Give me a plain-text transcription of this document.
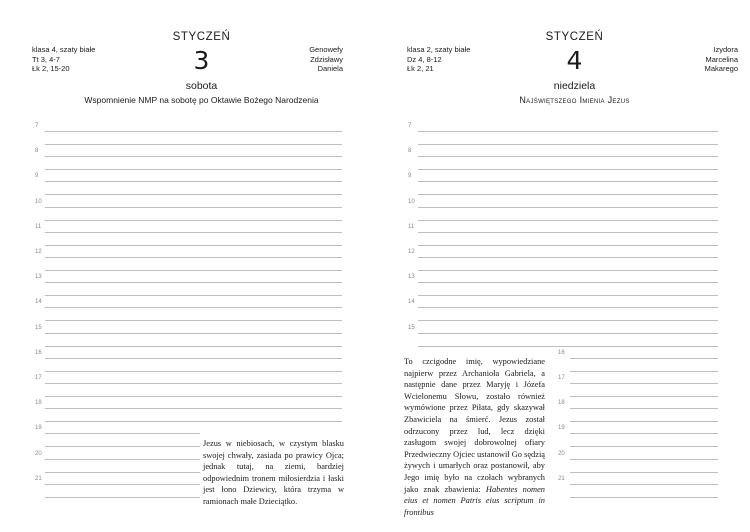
STYCZEŃ
klasa 4, szaty białe
Tt 3, 4-7
Łk 2, 15-20
Genowefy
Zdzisławy
Daniela
3
sobota
Wspomnienie NMP na sobotę po Oktawie Bożego Narodzenia
7
8
9
10
11
12
13
14
15
16
17
18
19
20
21
Jezus w niebiosach, w czystym blasku swojej chwały, zasiada po prawicy Ojca; jednak tutaj, na ziemi, bardziej odpowiednim tronem miłosierdzia i łaski jest łono Dziewicy, która trzyma w ramionach małe Dzieciątko.
STYCZEŃ
klasa 2, szaty białe
Dz 4, 8-12
Łk 2, 21
Izydora
Marcelina
Makarego
4
niedziela
Najświętszego Imienia Jezus
7
8
9
10
11
12
13
14
15
16
17
18
19
20
21
To czcigodne imię, wypowiedziane najpierw przez Archanioła Gabriela, a następnie dane przez Maryję i Józefa Wcielonemu Słowu, zostało również wymówione przez Piłata, gdy skazywał Zbawiciela na śmierć. Jezus został odrzucony przez lud, lecz dzięki zasługom swojej dobrowolnej ofiary Przedwieczny Ojciec ustanowił Go sędzią żywych i umarłych oraz postanowił, aby Jego imię było na czołach wybranych jako znak zbawienia: Habentes nomen eius et nomen Patris eius scriptum in frontibus
